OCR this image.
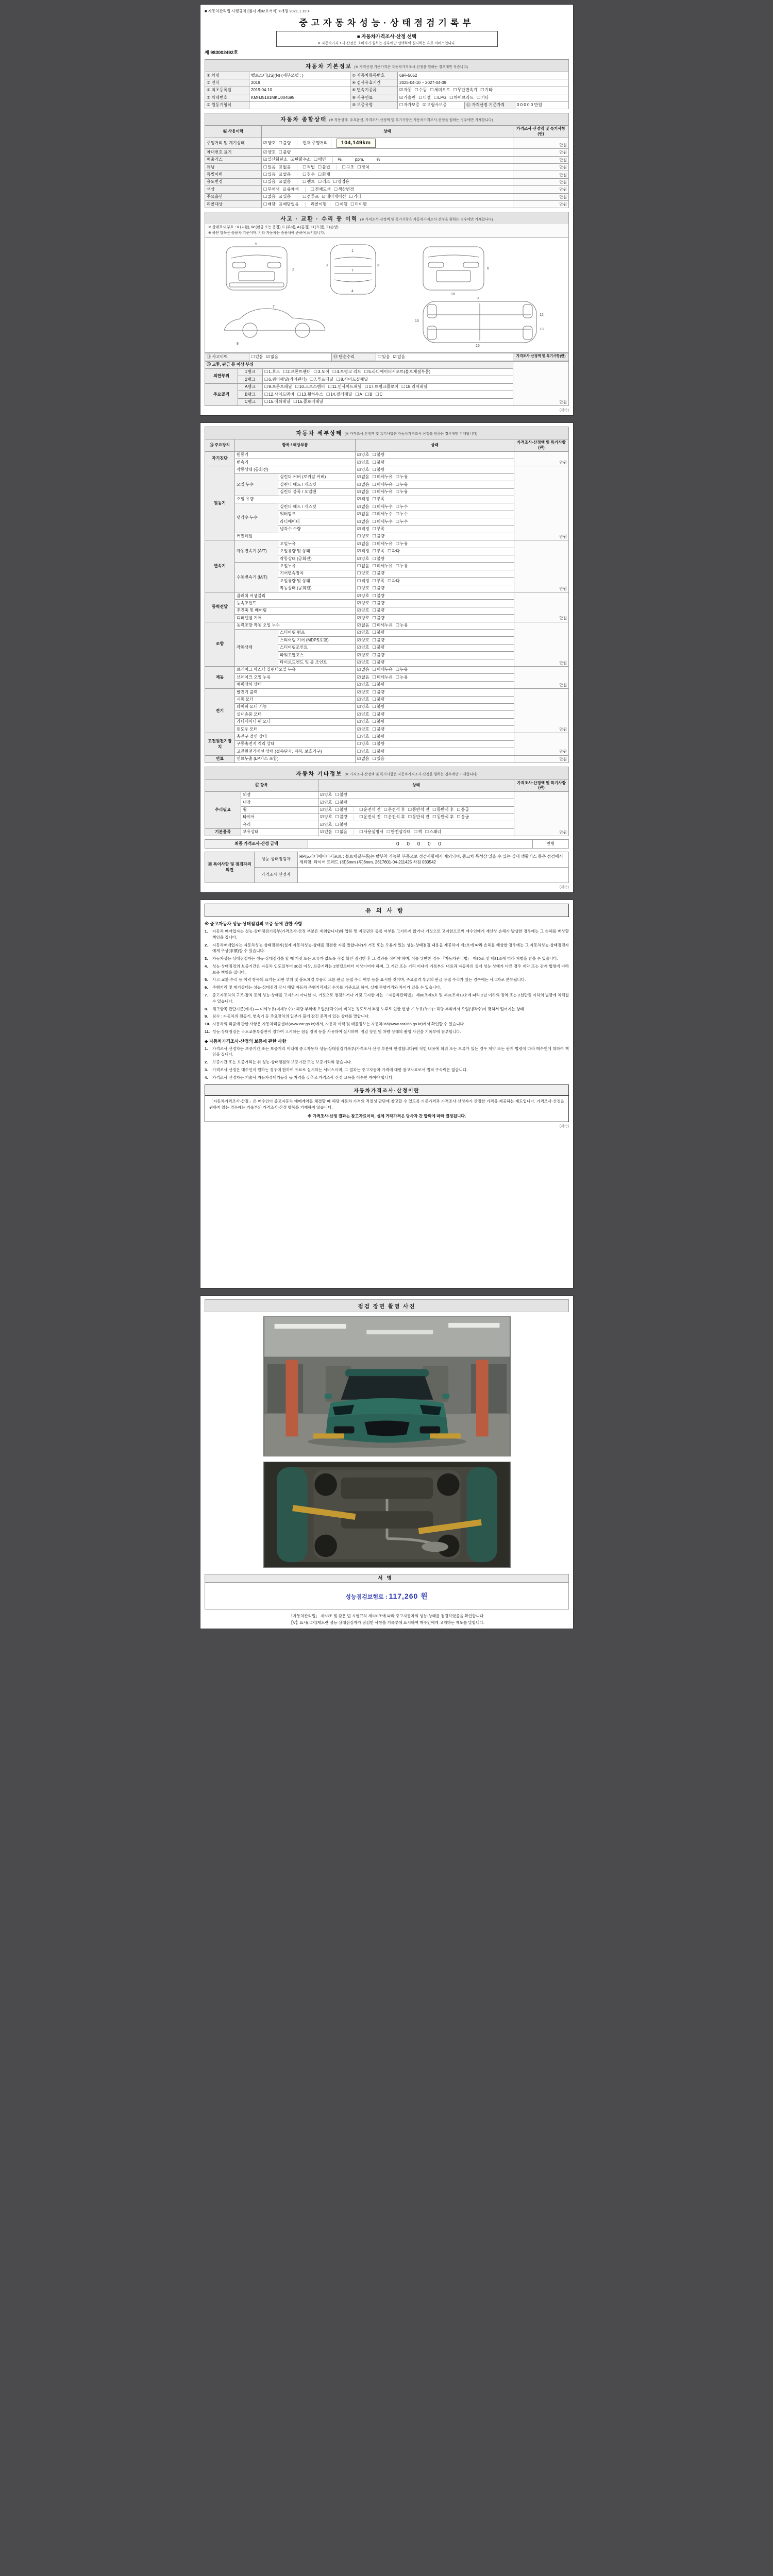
■ 자동차관리법 시행규칙 [별지 제82호서식] <개정 2021.1.19.>
중고자동차성능·상태점검기록부
■ 자동차가격조사·산정 선택
※ 자동차가격조사·산정은 소비자가 원하는 경우에만 선택하여 실시하는 유료 서비스입니다.
제 983002492호
자동차 기본정보 (※ 가격산정 기준가격은 자동차가격조사·산정을 원하는 경우에만 적습니다)
① 차명	벨로스터(JS)(N) (세부모델 : )	② 자동차등록번호	69누5052		
③ 연식	2019	④ 검사유효기간	2025-04-10 ~ 2027-04-09		
⑤ 최초등록일	2019-04-10	⑥ 변속기종류	☑자동 ☐수동 ☐세미오토 ☐무단변속기 ☐기타		
⑦ 차대번호	KMHJ5181MKU004695	⑧ 사용연료	☑가솔린 ☐디젤 ☐LPG ☐하이브리드 ☐기타		
⑨ 원동기형식		⑩ 보증유형	☐자가보증 ☑보험사보증	⑪ 가격산정 기준가격	0 0 0 0 0 만원
자동차 종합상태 (※ 작동상태, 주요옵션, 가격조사·산정액 및 특기사항은 자동차가격조사·산정을 원하는 경우에만 기재합니다)
⑫ 사용이력	상태	가격조사·산정액 및 특기사항(란)
주행거리 및 계기상태	☑양호 ☐불량 현재 주행거리 104,149km	만원
차대번호 표기	☑양호 ☐불량	만원
배출가스	☑일산화탄소 ☑탄화수소 ☐매연 %,　　　ppm,　　　%	만원
튜닝	☐있음 ☑없음 ☐적법 ☐불법 ☐구조 ☐장치	만원
특별이력	☐있음 ☑없음 ☐침수 ☐화재	만원
용도변경	☐있음 ☑없음 ☐렌트 ☐리스 ☐영업용	만원
색상	☐무채색 ☑유채색 ☐전체도색 ☐색상변경	만원
주요옵션	☐없음 ☑있음 ☐선루프 ☑네비게이션 ☐기타	만원
리콜대상	☐해당 ☑해당없음 리콜이행 ☐이행 ☐미이행	만원
사고 · 교환 · 수리 등 이력 (※ 가격조사·산정액 및 특기사항은 자동차가격조사·산정을 원하는 경우에만 기재합니다)
※ 상태표시 부호 : X (교환), W (판금 또는 용접), C (부식), A (흠집), U (요철), T (손상)
※ 하단 항목은 승용차 기준이며, 기타 자동차는 승용차에 준하여 표시합니다.
5
2
1
7
4
3
3
6
18
7
8
9
12
13
16
10
⑬ 사고이력	☐있음 ☑없음	⑭ 단순수리	☐있음 ☑없음	가격조사·산정액 및 특기사항(란)
⑮ 교환, 판금 등 이상 부위			만원
외판부위	1랭크	☐1.후드 ☐2.프론트펜더 ☐3.도어 ☐4.트렁크 리드 ☐5.라디에이터서포트(볼트체결부품)	
	2랭크	☐6.쿼터패널(리어펜더) ☐7.루프패널 ☐8.사이드실패널	
주요골격	A랭크	☐9.프론트패널 ☐10.크로스멤버 ☐11.인사이드패널 ☐17.트렁크플로어 ☐18.리어패널	
	B랭크	☐12.사이드멤버 ☐13.휠하우스 ☐14.필러패널 ☐A ☐B ☐C	
	C랭크	☐15.대쉬패널 ☐16.플로어패널	
(계속)
자동차 세부상태 (※ 가격조사·산정액 및 특기사항은 자동차가격조사·산정을 원하는 경우에만 기재합니다)
⑯ 주요장치	항목 / 해당부품		상태	가격조사·산정액 및 특기사항(란)
자기진단	원동기		☑양호 ☐불량	만원
	변속기		☑양호 ☐불량	
원동기	작동상태 (공회전)		☑양호 ☐불량	만원
	오일 누수	실린더 커버 (로커암 커버)	☑없음 ☐미세누유 ☐누유	
		실린더 헤드 / 개스킷	☑없음 ☐미세누유 ☐누유	
		실린더 블록 / 오일팬	☑없음 ☐미세누유 ☐누유	
	오일 유량		☑적정 ☐부족	
	냉각수 누수	실린더 헤드 / 개스킷	☑없음 ☐미세누수 ☐누수	
		워터펌프	☑없음 ☐미세누수 ☐누수	
		라디에이터	☑없음 ☐미세누수 ☐누수	
		냉각수 수량	☑적정 ☐부족	
	커먼레일		☐양호 ☐불량	
변속기	자동변속기 (A/T)	오일누유	☑없음 ☐미세누유 ☐누유	만원
		오일유량 및 상태	☑적정 ☐부족 ☐과다	
		작동상태 (공회전)	☑양호 ☐불량	
	수동변속기 (M/T)	오일누유	☐없음 ☐미세누유 ☐누유	
		기어변속장치	☐양호 ☐불량	
		오일유량 및 상태	☐적정 ☐부족 ☐과다	
		작동상태 (공회전)	☐양호 ☐불량	
동력전달	클러치 어셈블리		☑양호 ☐불량	만원
	등속조인트		☑양호 ☐불량	
	추진축 및 베어링		☑양호 ☐불량	
	디퍼렌셜 기어		☑양호 ☐불량	
조향	동력조향 작동 오일 누수		☑없음 ☐미세누유 ☐누유	만원
	작동상태	스티어링 펌프	☑양호 ☐불량	
		스티어링 기어 (MDPS포함)	☑양호 ☐불량	
		스티어링조인트	☑양호 ☐불량	
		파워고압호스	☑양호 ☐불량	
		타이로드엔드 및 볼 조인트	☑양호 ☐불량	
제동	브레이크 마스터 실린더오일 누유		☑없음 ☐미세누유 ☐누유	만원
	브레이크 오일 누유		☑없음 ☐미세누유 ☐누유	
	배력장치 상태		☑양호 ☐불량	
전기	발전기 출력		☑양호 ☐불량	만원
	시동 모터		☑양호 ☐불량	
	와이퍼 모터 기능		☑양호 ☐불량	
	실내송풍 모터		☑양호 ☐불량	
	라디에이터 팬 모터		☑양호 ☐불량	
	윈도우 모터		☑양호 ☐불량	
고전원전기장치	충전구 절연 상태		☐양호 ☐불량	만원
	구동축전지 격리 상태		☐양호 ☐불량	
	고전원전기배선 상태 (접속단자, 피복, 보호기구)		☐양호 ☐불량	
연료	연료누출 (LP가스 포함)		☑없음 ☐있음	만원
자동차 기타정보 (※ 가격조사·산정액 및 특기사항은 자동차가격조사·산정을 원하는 경우에만 기재합니다)
⑰ 항목		상태	가격조사·산정액 및 특기사항(란)
수리필요	외장	☑양호 ☐불량	만원
	내장	☑양호 ☐불량	
	휠	☑양호 ☐불량 ☐운전석 전 ☐운전석 후 ☐동반석 전 ☐동반석 후 ☐응급	
	타이어	☑양호 ☐불량 ☐운전석 전 ☐운전석 후 ☐동반석 전 ☐동반석 후 ☐응급	
	유리	☑양호 ☐불량	
기본품목	보유상태	☑있음 ☐없음 ☐사용설명서 ☐안전삼각대 ☐잭 ☐스패너	
최종 가격조사·산정 금액	0 0 0 0 0	만원
⑱ 특이사항 및 점검자의 의견	성능·상태점검자	RP(5.라디에이터서포트 : 볼트체결부품)는 탈부착 가능한 부품으로 점검사항에서 제외되며, 중고차 특성상 있을 수 있는 실내 생활기스 등은 점검에서 제외함. 타이어 트레드 (전)5mm (후)6mm. 2617601-04-211425 차검 030542
	가격조사·산정자	
(계속)
유의사항
※ 중고자동차 성능·상태점검의 보증 등에 관한 사항
1.	자동차 매매업자는 성능·상태점검기록부(가격조사·산정 부분은 제외합니다)와 압류 및 저당권의 등록 여부를 고지하지 않거나 거짓으로 고지함으로써 매수인에게 재산상 손해가 발생한 경우에는 그 손해를 배상할 책임을 집니다.
2.	자동차매매업자는 자동차성능·상태점검자(실제 자동차성능·상태를 점검한 자를 말합니다)가 거짓 또는 오류가 있는 성능·상태점검 내용을 제공하여 제1호에 따라 손해를 배상한 경우에는 그 자동차성능·상태점검자에게 구상(求償)할 수 있습니다.
3.	자동차성능·상태점검자는 성능·상태점검을 할 때 거짓 또는 오류가 없도록 직접 확인·점검한 후 그 결과를 적어야 하며, 이를 위반한 경우 「자동차관리법」 제80조 및 제81조에 따라 처벌을 받을 수 있습니다.
4.	성능·상태점검의 보증기간은 자동차 인도일부터 30일 이상, 보증거리는 2천킬로미터 이상이어야 하며, 그 기간 또는 거리 이내에 기록부의 내용과 자동차의 실제 성능·상태가 다른 경우 계약 또는 관계 법령에 따라 보증 책임을 집니다.
5.	사고·교환·수리 등 이력 항목의 표기는 외판 부위 및 볼트체결 부품의 교환·판금·용접 수리 여부 등을 표시한 것이며, 주요골격 부위의 판금·용접 수리가 있는 경우에는 사고차로 분류됩니다.
6.	주행거리 및 계기상태는 성능·상태점검 당시 해당 자동차 주행거리계의 수치를 기준으로 하며, 실제 주행거리와 차이가 있을 수 있습니다.
7.	중고자동차의 구조·장치 등의 성능·상태를 고지하지 아니한 자, 거짓으로 점검하거나 거짓 고지한 자는 「자동차관리법」 제80조제6호 및 제81조제19호에 따라 2년 이하의 징역 또는 2천만원 이하의 벌금에 처해질 수 있습니다.
8.	체크항목 판단기준(예시) — 미세누유(미세누수) : 해당 부위에 오일(냉각수)이 비치는 정도로서 부품 노후로 인한 현상 ／ 누유(누수) : 해당 부위에서 오일(냉각수)이 맺혀서 떨어지는 상태
9.	침수 : 자동차의 원동기, 변속기 등 주요장치의 일부가 물에 잠긴 흔적이 있는 상태를 말합니다.
10. 자동차의 리콜에 관한 사항은 자동차리콜센터(www.car.go.kr)에서, 자동차 이력 및 매물정보는 자동차365(www.car365.go.kr)에서 확인할 수 있습니다.
11. 성능·상태점검은 국토교통부장관이 정하여 고시하는 점검 장비 등을 사용하여 실시하며, 점검 장면 및 차량 상태의 촬영 사진을 기록부에 첨부합니다.
◆ 자동차가격조사·산정의 보증에 관한 사항
1.	가격조사·산정자는 보증기간 또는 보증거리 이내에 중고자동차 성능·상태점검기록부(가격조사·산정 부분에 한정합니다)에 적힌 내용에 허위 또는 오류가 있는 경우 계약 또는 관계 법령에 따라 매수인에 대하여 책임을 집니다.
2.	보증기간 또는 보증거리는 위 성능·상태점검의 보증기간 또는 보증거리와 같습니다.
3.	가격조사·산정은 매수인이 원하는 경우에 한하여 유료로 실시하는 서비스이며, 그 결과는 중고자동차 가격에 대한 참고자료로서 법적 구속력은 없습니다.
4.	가격조사·산정자는 기술사·자동차정비기능장 등 자격을 갖추고 가격조사·산정 교육을 이수한 자여야 합니다.
자동차가격조사·산정이란
「자동차가격조사·산정」은 매수인이 중고자동차 매매계약을 체결할 때 해당 자동차 가격의 적절성 판단에 참고할 수 있도록 기준가격과 가격조사·산정자가 산정한 가격을 제공하는 제도입니다. 가격조사·산정을 원하지 않는 경우에는 기록부의 가격조사·산정 항목을 기재하지 않습니다.
※ 가격조사·산정 결과는 참고자료이며, 실제 거래가격은 당사자 간 합의에 따라 결정됩니다.
(계속)
점검 장면 촬영 사진
서명
성능점검보험료 : 117,260 원
「자동차관리법」 제58조 및 같은 법 시행규칙 제120조에 따라 중고자동차의 성능·상태를 점검하였음을 확인합니다.
【V】표시(고지)제도란 성능·상태점검자가 점검한 사항을 기록부에 표시하여 매수인에게 고지하는 제도를 말합니다.
